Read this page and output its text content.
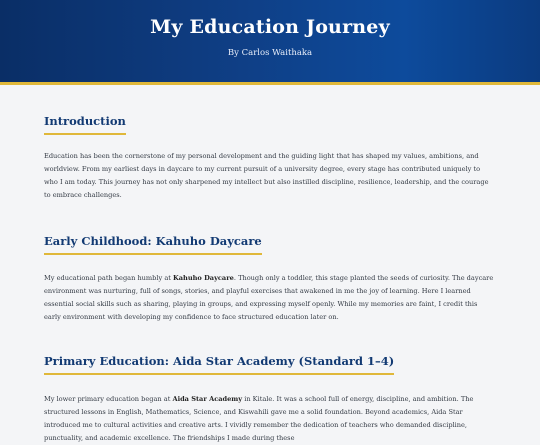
My Education Journey
By Carlos Waithaka
Introduction

Education has been the cornerstone of my personal development and the guiding light that has shaped my values, ambitions, and worldview. From my earliest days in daycare to my current pursuit of a university degree, every stage has contributed uniquely to who I am today. This journey has not only sharpened my intellect but also instilled discipline, resilience, leadership, and the courage to embrace challenges.

Early Childhood: Kahuho Daycare

My educational path began humbly at Kahuho Daycare. Though only a toddler, this stage planted the seeds of curiosity. The daycare environment was nurturing, full of songs, stories, and playful exercises that awakened in me the joy of learning. Here I learned essential social skills such as sharing, playing in groups, and expressing myself openly. While my memories are faint, I credit this early environment with developing my confidence to face structured education later on.

Primary Education: Aida Star Academy (Standard 1–4)

My lower primary education began at Aida Star Academy in Kitale. It was a school full of energy, discipline, and ambition. The structured lessons in English, Mathematics, Science, and Kiswahili gave me a solid foundation. Beyond academics, Aida Star introduced me to cultural activities and creative arts. I vividly remember the dedication of teachers who demanded discipline, punctuality, and academic excellence. The friendships I made during these
